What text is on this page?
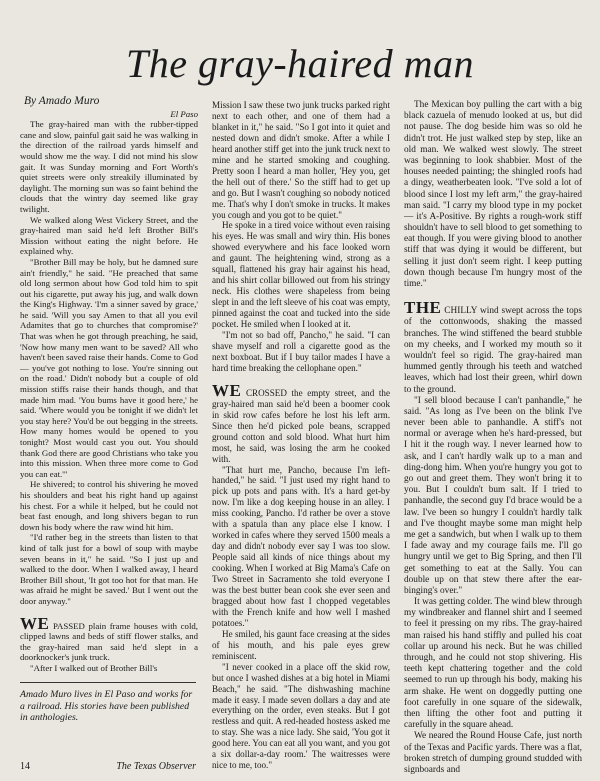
The gray-haired man
By Amado Muro
El Paso

The gray-haired man with the rubber-tipped cane and slow, painful gait said he was walking in the direction of the railroad yards himself and would show me the way. I did not mind his slow gait. It was Sunday morning and Fort Worth's quiet streets were only streakily illuminated by daylight. The morning sun was so faint behind the clouds that the wintry day seemed like gray twilight.

We walked along West Vickery Street, and the gray-haired man said he'd left Brother Bill's Mission without eating the night before. He explained why.

"Brother Bill may be holy, but he damned sure ain't friendly," he said. "He preached that same old long sermon about how God told him to spit out his cigarette, put away his jug, and walk down the King's Highway. 'I'm a sinner saved by grace,' he said. 'Will you say Amen to that all you evil Adamites that go to churches that compromise?' That was when he got through preaching, he said, 'Now how many men want to be saved? All who haven't been saved raise their hands. Come to God — you've got nothing to lose. You're sinning out on the road.' Didn't nobody but a couple of old mission stiffs raise their hands though, and that made him mad. 'You bums have it good here,' he said. 'Where would you be tonight if we didn't let you stay here? You'd be out begging in the streets. How many homes would be opened to you tonight? Most would cast you out. You should thank God there are good Christians who take you into this mission. When three more come to God you can eat.'"

He shivered; to control his shivering he moved his shoulders and beat his right hand up against his chest. For a while it helped, but he could not beat fast enough, and long shivers began to run down his body where the raw wind hit him.

"I'd rather beg in the streets than listen to that kind of talk just for a bowl of soup with maybe seven beans in it," he said. "So I just up and walked to the door. When I walked away, I heard Brother Bill shout, 'It got too hot for that man. He was afraid he might be saved.' But I went out the door anyway."

WE PASSED plain frame houses with cold, clipped lawns and beds of stiff flower stalks, and the gray-haired man said he'd slept in a doorknocker's junk truck.

"After I walked out of Brother Bill's

Amado Muro lives in El Paso and works for a railroad. His stories have been published in anthologies.
14	The Texas Observer

Mission I saw these two junk trucks parked right next to each other, and one of them had a blanket in it," he said. "So I got into it quiet and nested down and didn't smoke. After a while I heard another stiff get into the junk truck next to mine and he started smoking and coughing. Pretty soon I heard a man holler, 'Hey you, get the hell out of there.' So the stiff had to get up and go. But I wasn't coughing so nobody noticed me. That's why I don't smoke in trucks. It makes you cough and you got to be quiet."

He spoke in a tired voice without even raising his eyes. He was small and wiry thin. His bones showed everywhere and his face looked worn and gaunt. The heightening wind, strong as a squall, flattened his gray hair against his head, and his shirt collar billowed out from his stringy neck. His clothes were shapeless from being slept in and the left sleeve of his coat was empty, pinned against the coat and tucked into the side pocket. He smiled when I looked at it.

"I'm not so bad off, Pancho," he said. "I can shave myself and roll a cigarette good as the next boxboat. But if I buy tailor mades I have a hard time breaking the cellophane open."

WE CROSSED the empty street, and the gray-haired man said he'd been a boomer cook in skid row cafes before he lost his left arm. Since then he'd picked pole beans, scrapped ground cotton and sold blood. What hurt him most, he said, was losing the arm he cooked with.

"That hurt me, Pancho, because I'm left-handed," he said. "I just used my right hand to pick up pots and pans with. It's a hard get-by now. I'm like a dog keeping house in an alley. I miss cooking, Pancho. I'd rather be over a stove with a spatula than any place else I know. I worked in cafes where they served 1500 meals a day and didn't nobody ever say I was too slow. People said all kinds of nice things about my cooking. When I worked at Big Mama's Cafe on Two Street in Sacramento she told everyone I was the best butter bean cook she ever seen and bragged about how fast I chopped vegetables with the French knife and how well I mashed potatoes."

He smiled, his gaunt face creasing at the sides of his mouth, and his pale eyes grew reminiscent.

"I never cooked in a place off the skid row, but once I washed dishes at a big hotel in Miami Beach," he said. "The dishwashing machine made it easy. I made seven dollars a day and ate everything on the order, even steaks. But I got restless and quit. A red-headed hostess asked me to stay. She was a nice lady. She said, 'You got it good here. You can eat all you want, and you got a six dollar-a-day room.' The waitresses were nice to me, too."

The Mexican boy pulling the cart with a big black cazuela of menudo looked at us, but did not pause. The dog beside him was so old he didn't trot. He just walked step by step, like an old man. We walked west slowly. The street was beginning to look shabbier. Most of the houses needed painting; the shingled roofs had a dingy, weatherbeaten look. "I've sold a lot of blood since I lost my left arm," the gray-haired man said. "I carry my blood type in my pocket — it's A-Positive. By rights a rough-work stiff shouldn't have to sell blood to get something to eat though. If you were giving blood to another stiff that was dying it would be different, but selling it just don't seem right. I keep putting down though because I'm hungry most of the time."

THE CHILLY wind swept across the tops of the cottonwoods, shaking the massed branches. The wind stiffened the beard stubble on my cheeks, and I worked my mouth so it wouldn't feel so rigid. The gray-haired man hummed gently through his teeth and watched leaves, which had lost their green, whirl down to the ground.

"I sell blood because I can't panhandle," he said. "As long as I've been on the blink I've never been able to panhandle. A stiff's not normal or average when he's hard-pressed, but I hit it the rough way. I never learned how to ask, and I can't hardly walk up to a man and ding-dong him. When you're hungry you got to go out and greet them. They won't bring it to you. But I couldn't bum salt. If I tried to panhandle, the second guy I'd brace would be a law. I've been so hungry I couldn't hardly talk and I've thought maybe some man might help me get a sandwich, but when I walk up to them I fade away and my courage fails me. I'll go hungry until we get to Big Spring, and then I'll get something to eat at the Sally. You can double up on that stew there after the ear-binging's over."

It was getting colder. The wind blew through my windbreaker and flannel shirt and I seemed to feel it pressing on my ribs. The gray-haired man raised his hand stiffly and pulled his coat collar up around his neck. But he was chilled through, and he could not stop shivering. His teeth kept chattering together and the cold seemed to run up through his body, making his arm shake. He went on doggedly putting one foot carefully in one square of the sidewalk, then lifting the other foot and putting it carefully in the square ahead.

We neared the Round House Cafe, just north of the Texas and Pacific yards. There was a flat, broken stretch of dumping ground studded with signboards and
